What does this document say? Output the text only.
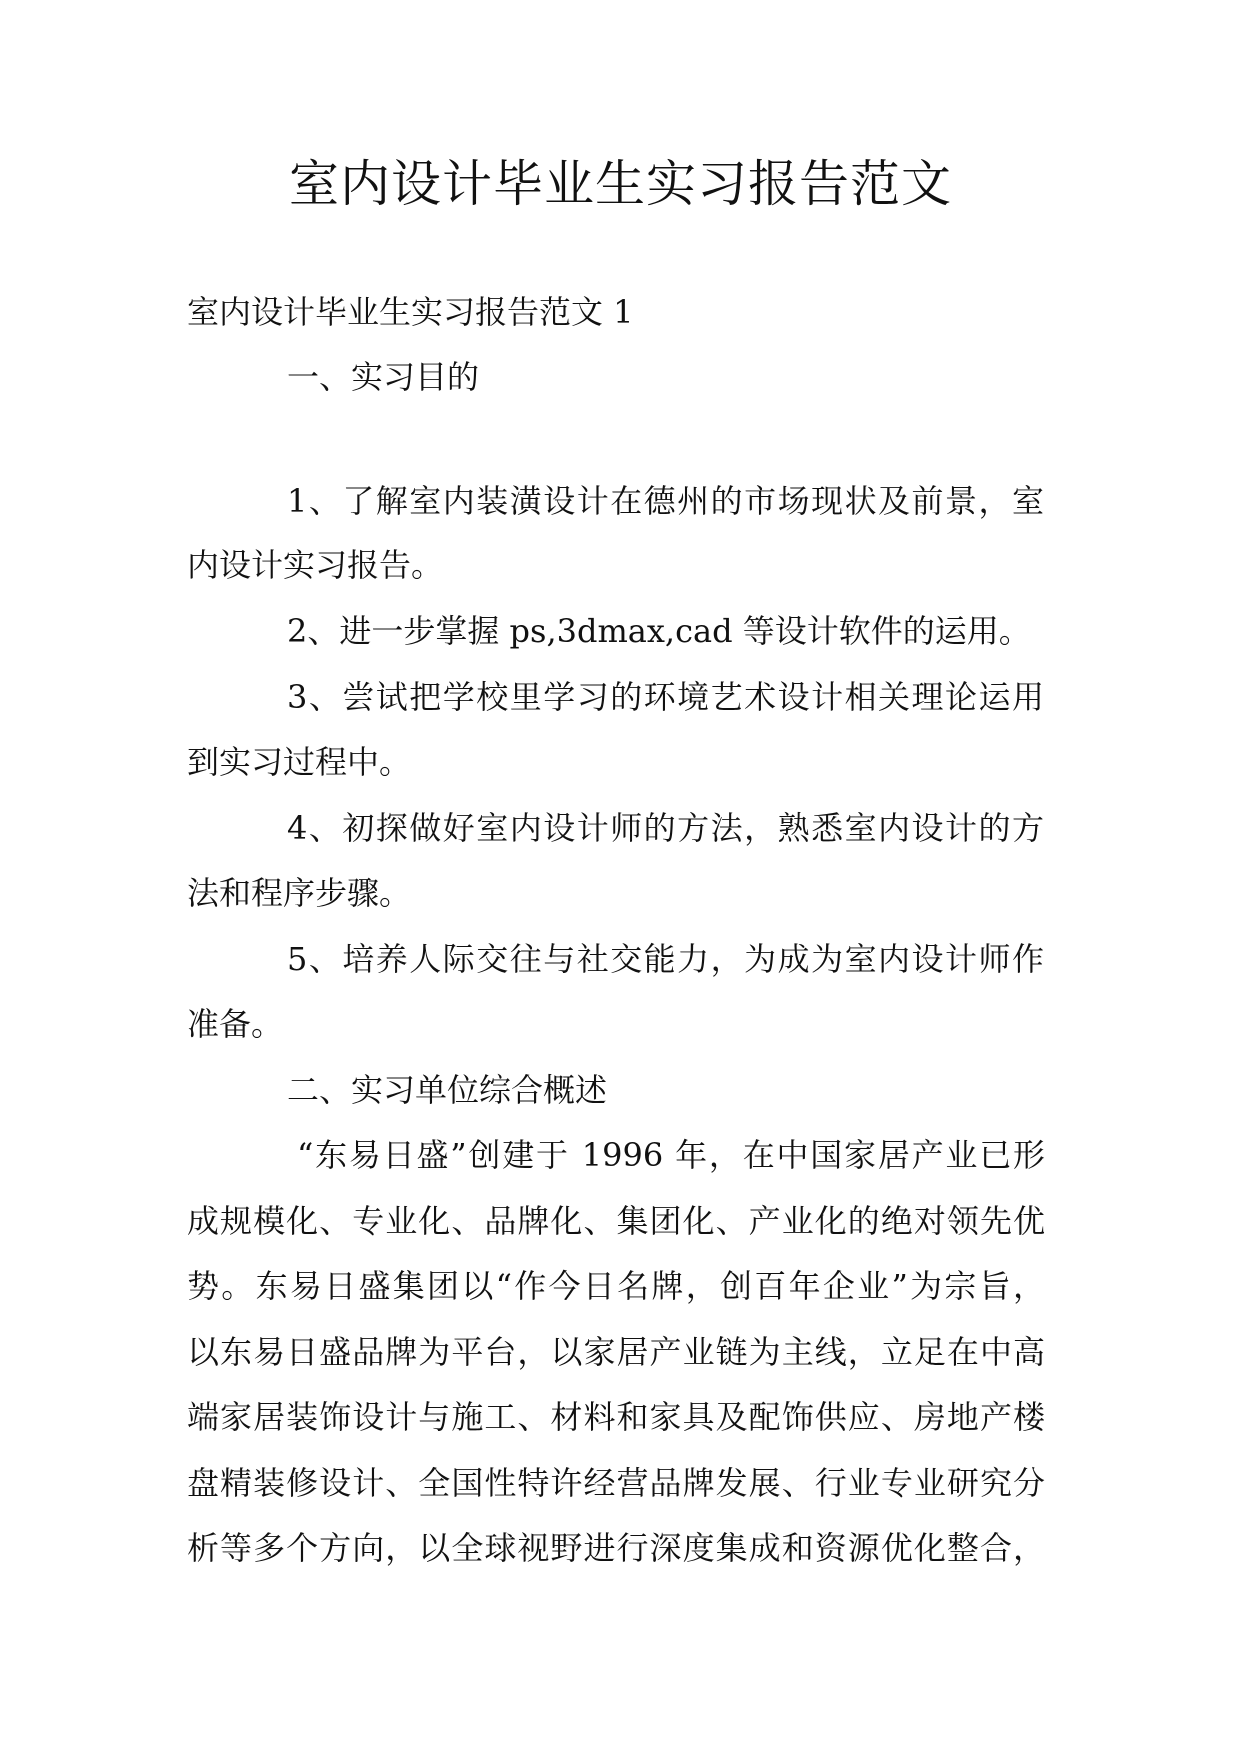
室内设计毕业生实习报告范文

室内设计毕业生实习报告范文 1

一、实习目的

1、了解室内装潢设计在德州的市场现状及前景，室

内设计实习报告。

2、进一步掌握 ps,3dmax,cad 等设计软件的运用。

3、尝试把学校里学习的环境艺术设计相关理论运用

到实习过程中。

4、初探做好室内设计师的方法，熟悉室内设计的方

法和程序步骤。

5、培养人际交往与社交能力，为成为室内设计师作

准备。

二、实习单位综合概述

“东易日盛”创建于 1996 年，在中国家居产业已形

成规模化、专业化、品牌化、集团化、产业化的绝对领先优

势。东易日盛集团以“作今日名牌，创百年企业”为宗旨，

以东易日盛品牌为平台，以家居产业链为主线，立足在中高

端家居装饰设计与施工、材料和家具及配饰供应、房地产楼

盘精装修设计、全国性特许经营品牌发展、行业专业研究分

析等多个方向，以全球视野进行深度集成和资源优化整合，
